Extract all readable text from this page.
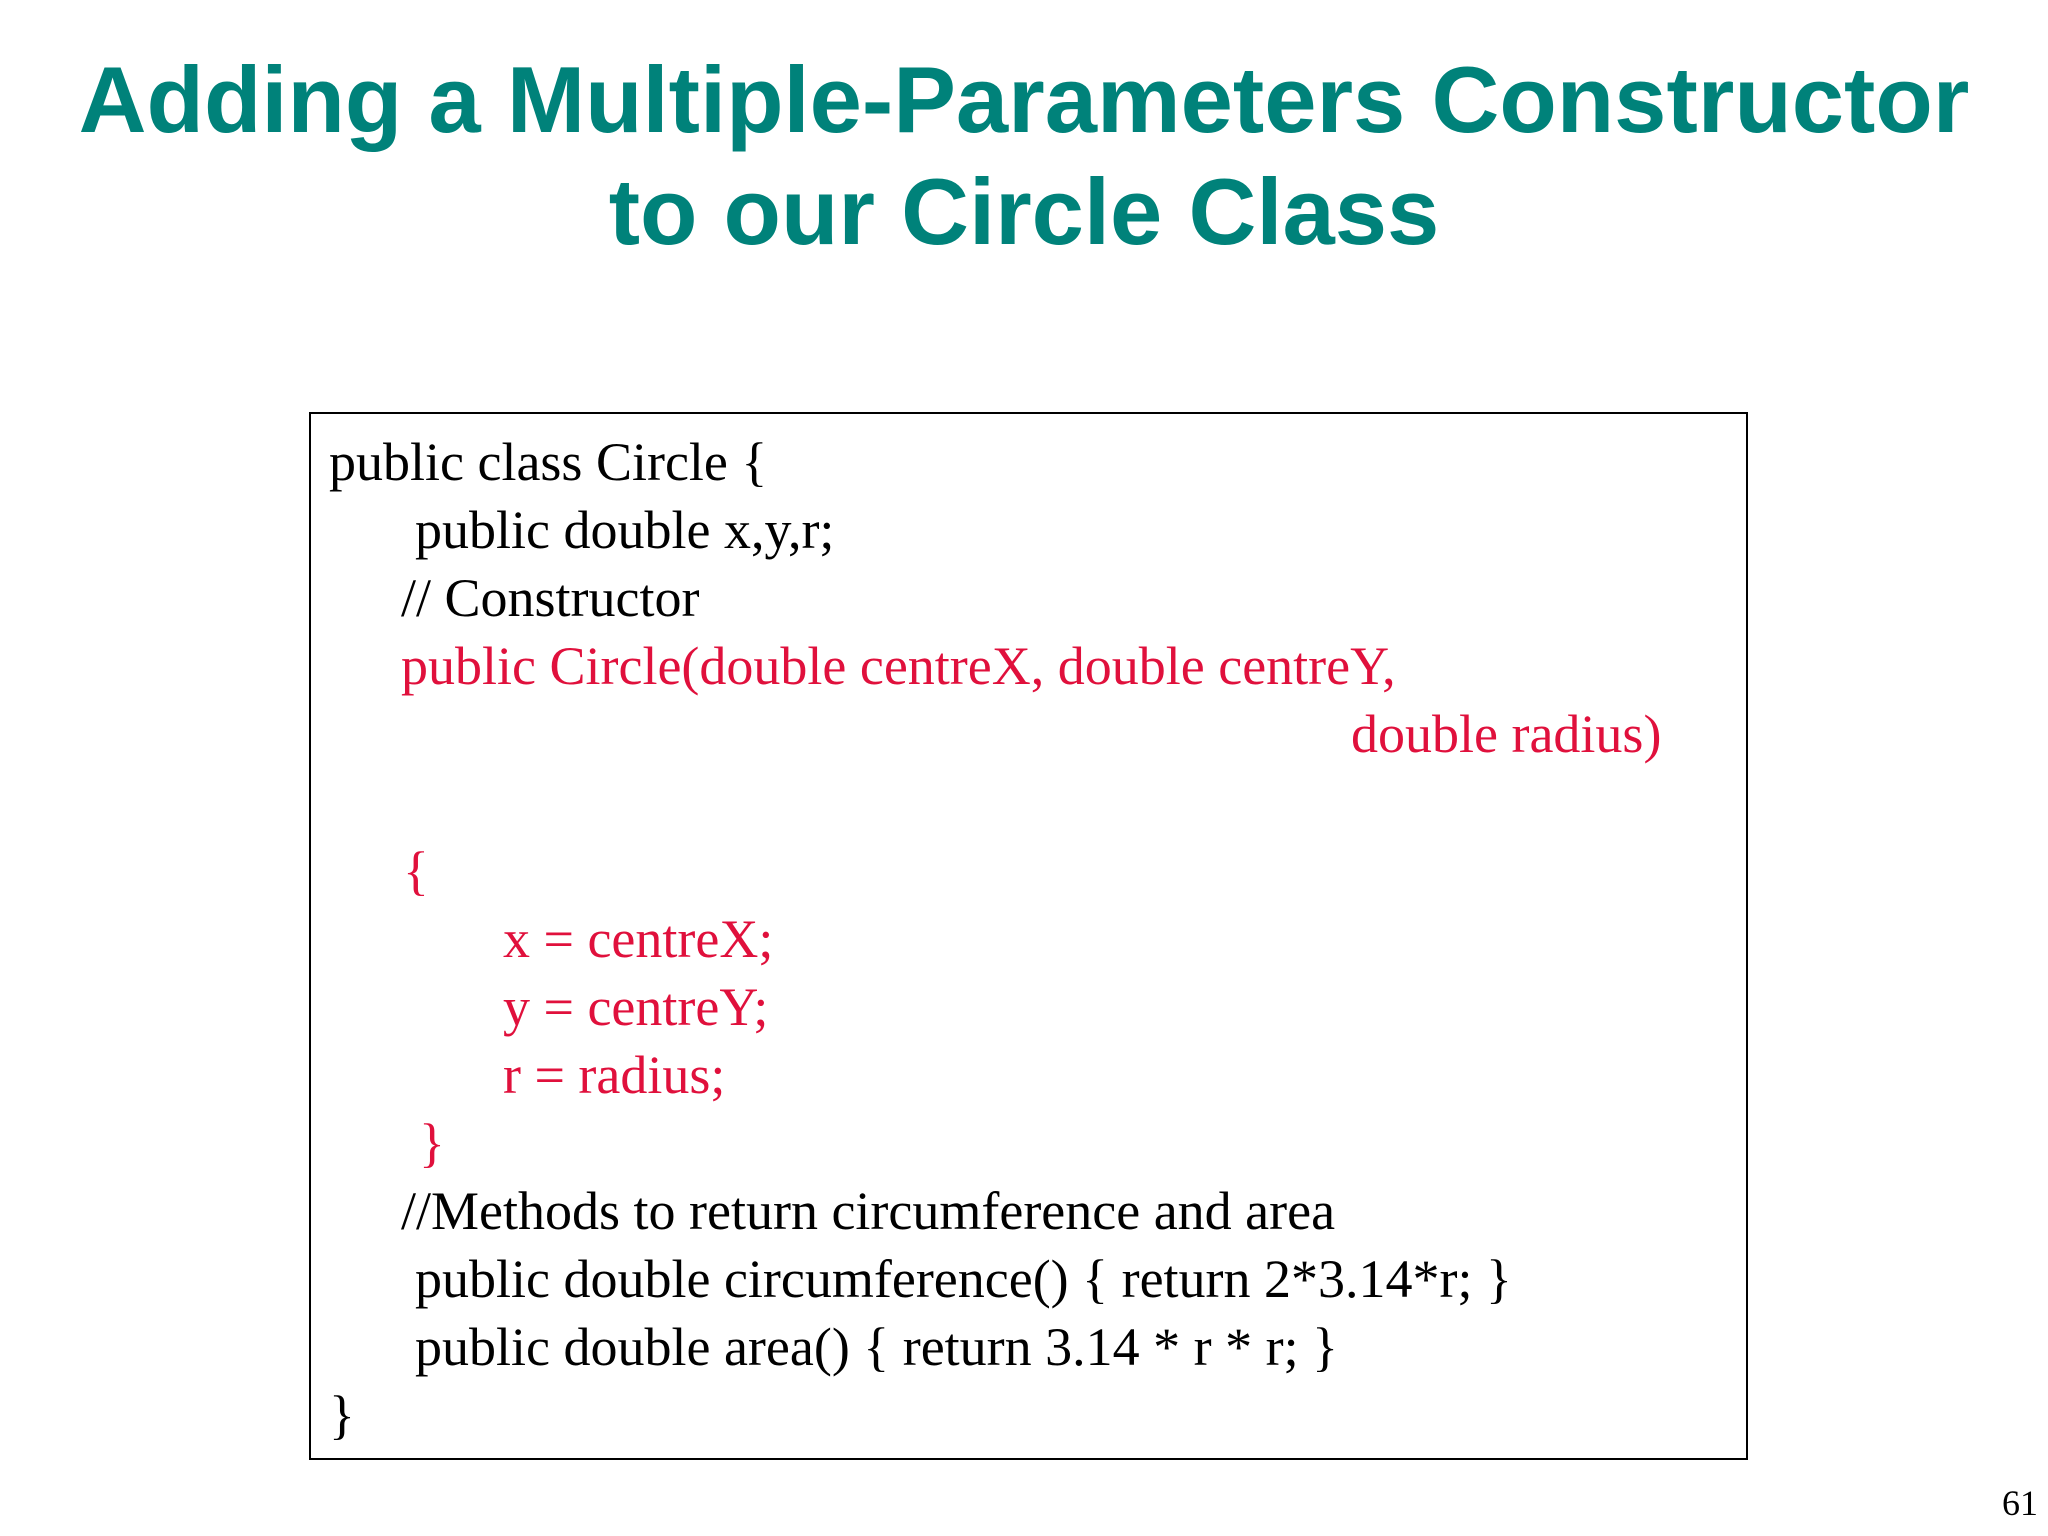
Adding a Multiple-Parameters Constructor
to our Circle Class
public class Circle {
public double x,y,r;
// Constructor
public Circle(double centreX, double centreY,
double radius)
{
x = centreX;
y = centreY;
r = radius;
}
//Methods to return circumference and area
public double circumference() { return 2*3.14*r; }
public double area() { return 3.14 * r * r; }
}
61
